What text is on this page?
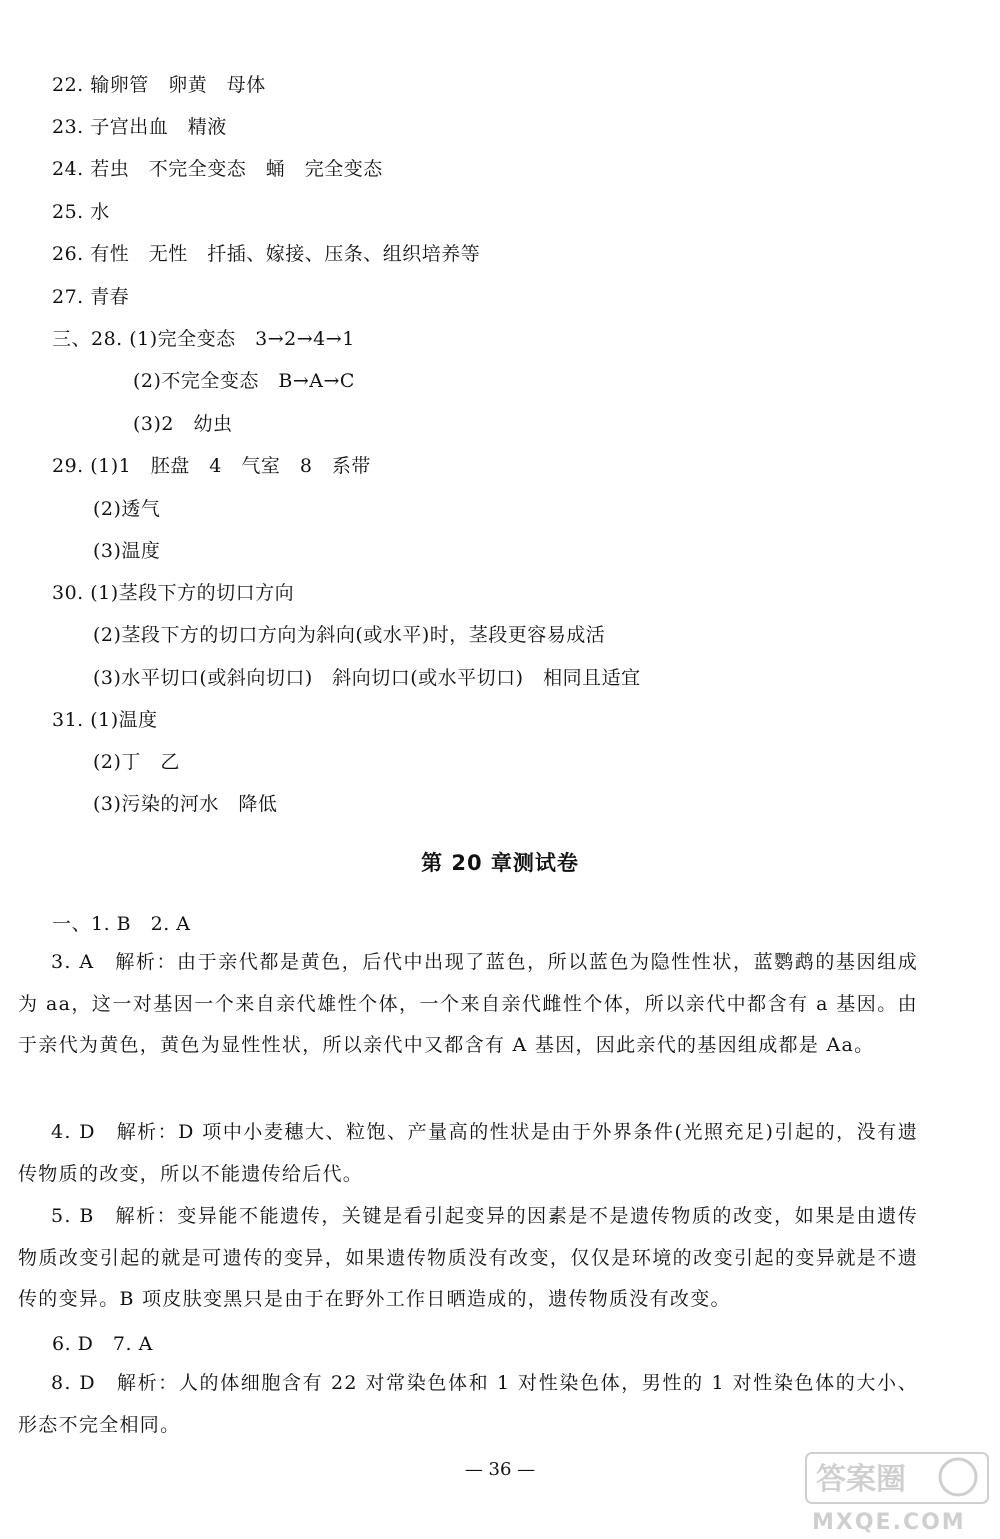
22. 输卵管　卵黄　母体
23. 子宫出血　精液
24. 若虫　不完全变态　蛹　完全变态
25. 水
26. 有性　无性　扦插、嫁接、压条、组织培养等
27. 青春
三、28. (1)完全变态　3→2→4→1
(2)不完全变态　B→A→C
(3)2　幼虫
29. (1)1　胚盘　4　气室　8　系带
(2)透气
(3)温度
30. (1)茎段下方的切口方向
(2)茎段下方的切口方向为斜向(或水平)时，茎段更容易成活
(3)水平切口(或斜向切口)　斜向切口(或水平切口)　相同且适宜
31. (1)温度
(2)丁　乙
(3)污染的河水　降低
第 20 章测试卷
一、1. B　2. A
3. A　解析：由于亲代都是黄色，后代中出现了蓝色，所以蓝色为隐性性状，蓝鹦鹉的基因组成为 aa，这一对基因一个来自亲代雄性个体，一个来自亲代雌性个体，所以亲代中都含有 a 基因。由于亲代为黄色，黄色为显性性状，所以亲代中又都含有 A 基因，因此亲代的基因组成都是 Aa。
4. D　解析：D 项中小麦穗大、粒饱、产量高的性状是由于外界条件(光照充足)引起的，没有遗传物质的改变，所以不能遗传给后代。
5. B　解析：变异能不能遗传，关键是看引起变异的因素是不是遗传物质的改变，如果是由遗传物质改变引起的就是可遗传的变异，如果遗传物质没有改变，仅仅是环境的改变引起的变异就是不遗传的变异。B 项皮肤变黑只是由于在野外工作日晒造成的，遗传物质没有改变。
6. D　7. A
8. D　解析：人的体细胞含有 22 对常染色体和 1 对性染色体，男性的 1 对性染色体的大小、形态不完全相同。
— 36 —	答案圈
MXQE.COM
